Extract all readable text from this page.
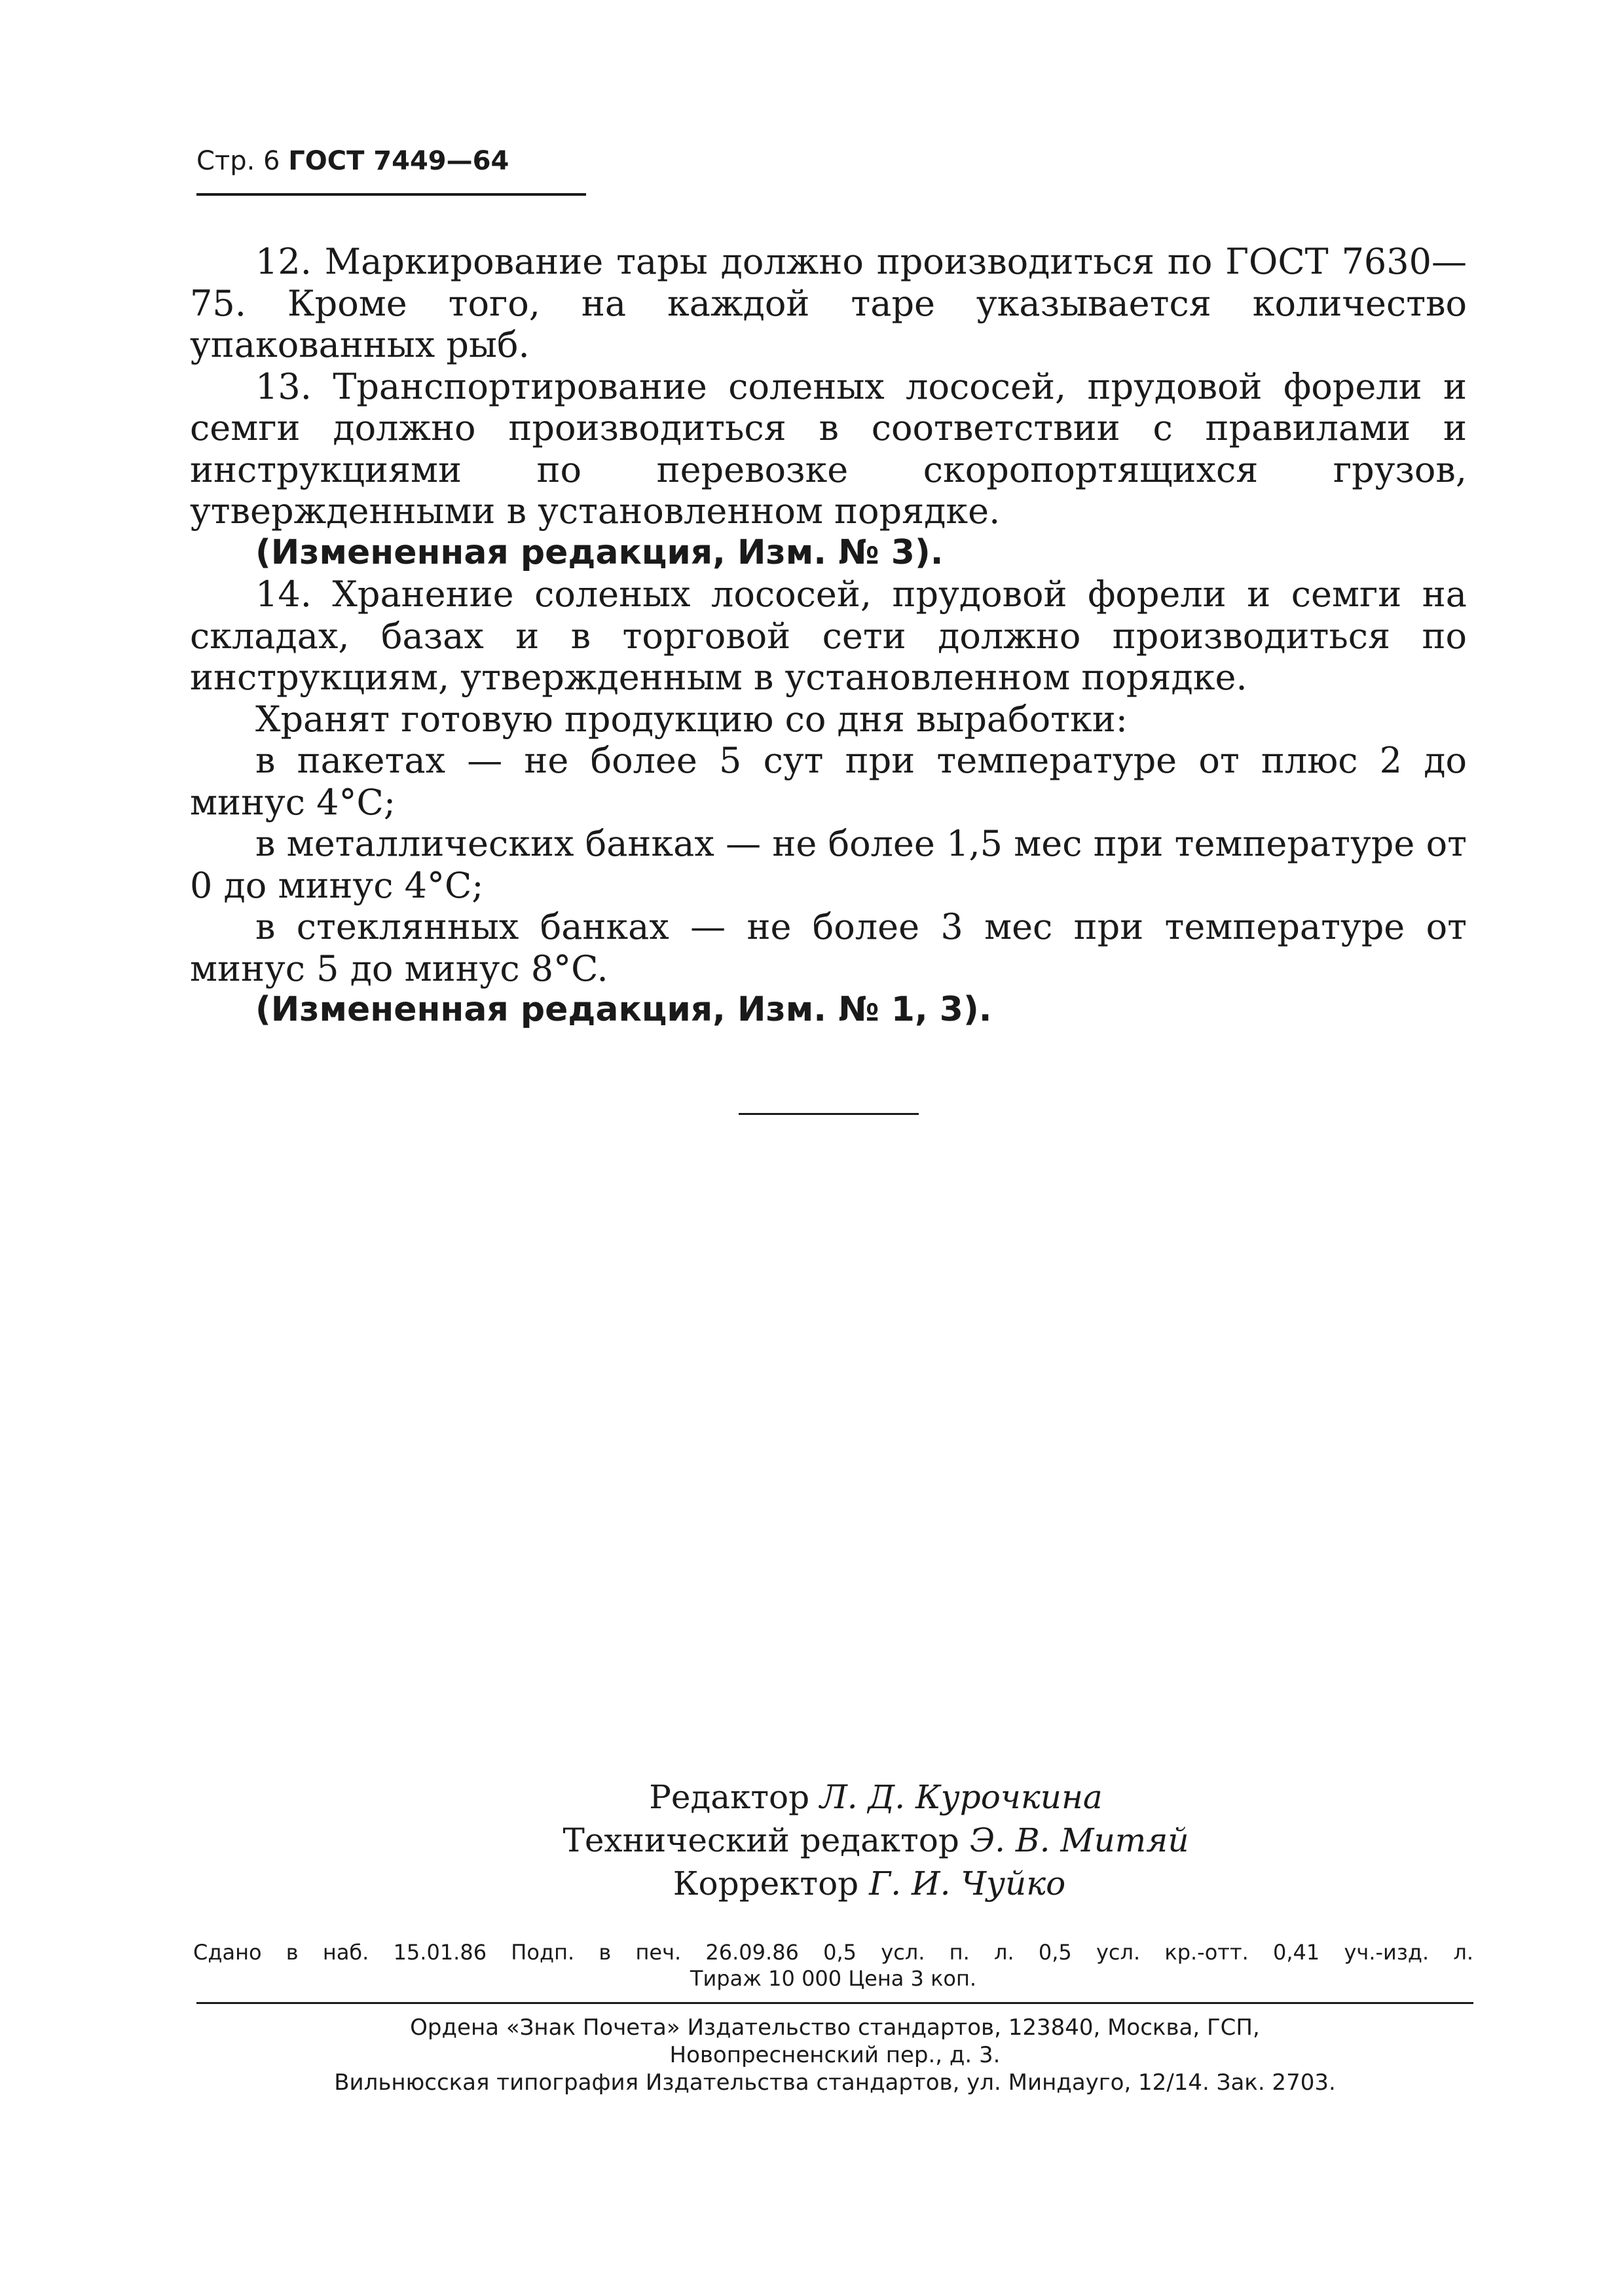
Стр. 6 ГОСТ 7449—64

12. Маркирование тары должно производиться по ГОСТ 7630—75. Кроме того, на каждой таре указывается количество упакованных рыб.

13. Транспортирование соленых лососей, прудовой форели и семги должно производиться в соответствии с правилами и инструкциями по перевозке скоропортящихся грузов, утвержденными в установленном порядке.

(Измененная редакция, Изм. № 3).

14. Хранение соленых лососей, прудовой форели и семги на складах, базах и в торговой сети должно производиться по инструкциям, утвержденным в установленном порядке.

Хранят готовую продукцию со дня выработки:

в пакетах — не более 5 сут при температуре от плюс 2 до минус 4°C;

в металлических банках — не более 1,5 мес при температуре от 0 до минус 4°C;

в стеклянных банках — не более 3 мес при температуре от минус 5 до минус 8°C.

(Измененная редакция, Изм. № 1, 3).

Редактор Л. Д. Курочкина
Технический редактор Э. В. Митяй
Корректор Г. И. Чуйко
Сдано в наб. 15.01.86 Подп. в печ. 26.09.86 0,5 усл. п. л. 0,5 усл. кр.-отт. 0,41 уч.-изд. л.
Тираж 10 000 Цена 3 коп.
Ордена «Знак Почета» Издательство стандартов, 123840, Москва, ГСП,
Новопресненский пер., д. 3.
Вильнюсская типография Издательства стандартов, ул. Миндауго, 12/14. Зак. 2703.
